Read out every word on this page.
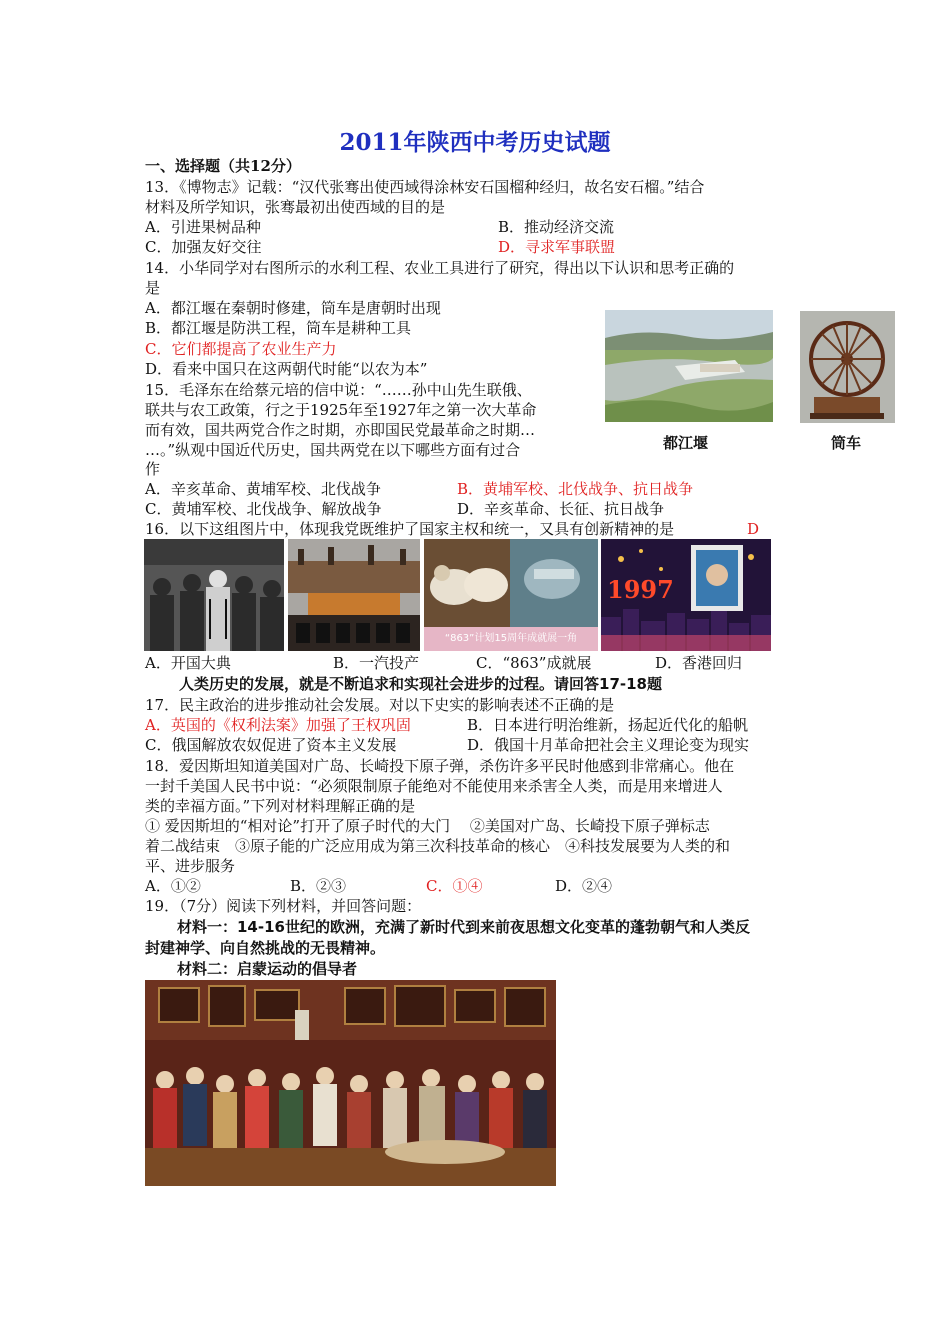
2011年陕西中考历史试题
一、选择题（共12分）
13．《博物志》记载：“汉代张骞出使西域得涂林安石国榴种经归，故名安石榴。”结合
材料及所学知识，张骞最初出使西域的目的是
A．引进果树品种	B．推动经济交流
C．加强友好交往	D．寻求军事联盟
14．小华同学对右图所示的水利工程、农业工具进行了研究，得出以下认识和思考正确的
是
A．都江堰在秦朝时修建，筒车是唐朝时出现
B．都江堰是防洪工程，筒车是耕种工具
C．它们都提高了农业生产力
D．看来中国只在这两朝代时能“以农为本”
都江堰	筒车
15．毛泽东在给蔡元培的信中说：“……孙中山先生联俄、
联共与农工政策，行之于1925年至1927年之第一次大革命
而有效，国共两党合作之时期，亦即国民党最革命之时期…
…。”纵观中国近代历史，国共两党在以下哪些方面有过合
作
A．辛亥革命、黄埔军校、北伐战争	B．黄埔军校、北伐战争、抗日战争
C．黄埔军校、北伐战争、解放战争	D．辛亥革命、长征、抗日战争
16．以下这组图片中，体现我党既维护了国家主权和统一，又具有创新精神的是	D
“863”计划15周年成就展一角
1997
A．开国大典	B．一汽投产	C．“863”成就展	D．香港回归
人类历史的发展，就是不断追求和实现社会进步的过程。请回答17-18题
17．民主政治的进步推动社会发展。对以下史实的影响表述不正确的是
A．英国的《权利法案》加强了王权巩固	B．日本进行明治维新，扬起近代化的船帆
C．俄国解放农奴促进了资本主义发展	D．俄国十月革命把社会主义理论变为现实
18．爱因斯坦知道美国对广岛、长崎投下原子弹，杀伤许多平民时他感到非常痛心。他在
一封千美国人民书中说：“必须限制原子能绝对不能使用来杀害全人类，而是用来增进人
类的幸福方面。”下列对材料理解正确的是
① 爱因斯坦的“相对论”打开了原子时代的大门　 ②美国对广岛、长崎投下原子弹标志
着二战结束　③原子能的广泛应用成为第三次科技革命的核心　④科技发展要为人类的和
平、进步服务
A．①②	B．②③	C．①④	D．②④
19．（7分）阅读下列材料，并回答问题：
材料一：14-16世纪的欧洲，充满了新时代到来前夜思想文化变革的蓬勃朝气和人类反
封建神学、向自然挑战的无畏精神。
材料二：启蒙运动的倡导者
